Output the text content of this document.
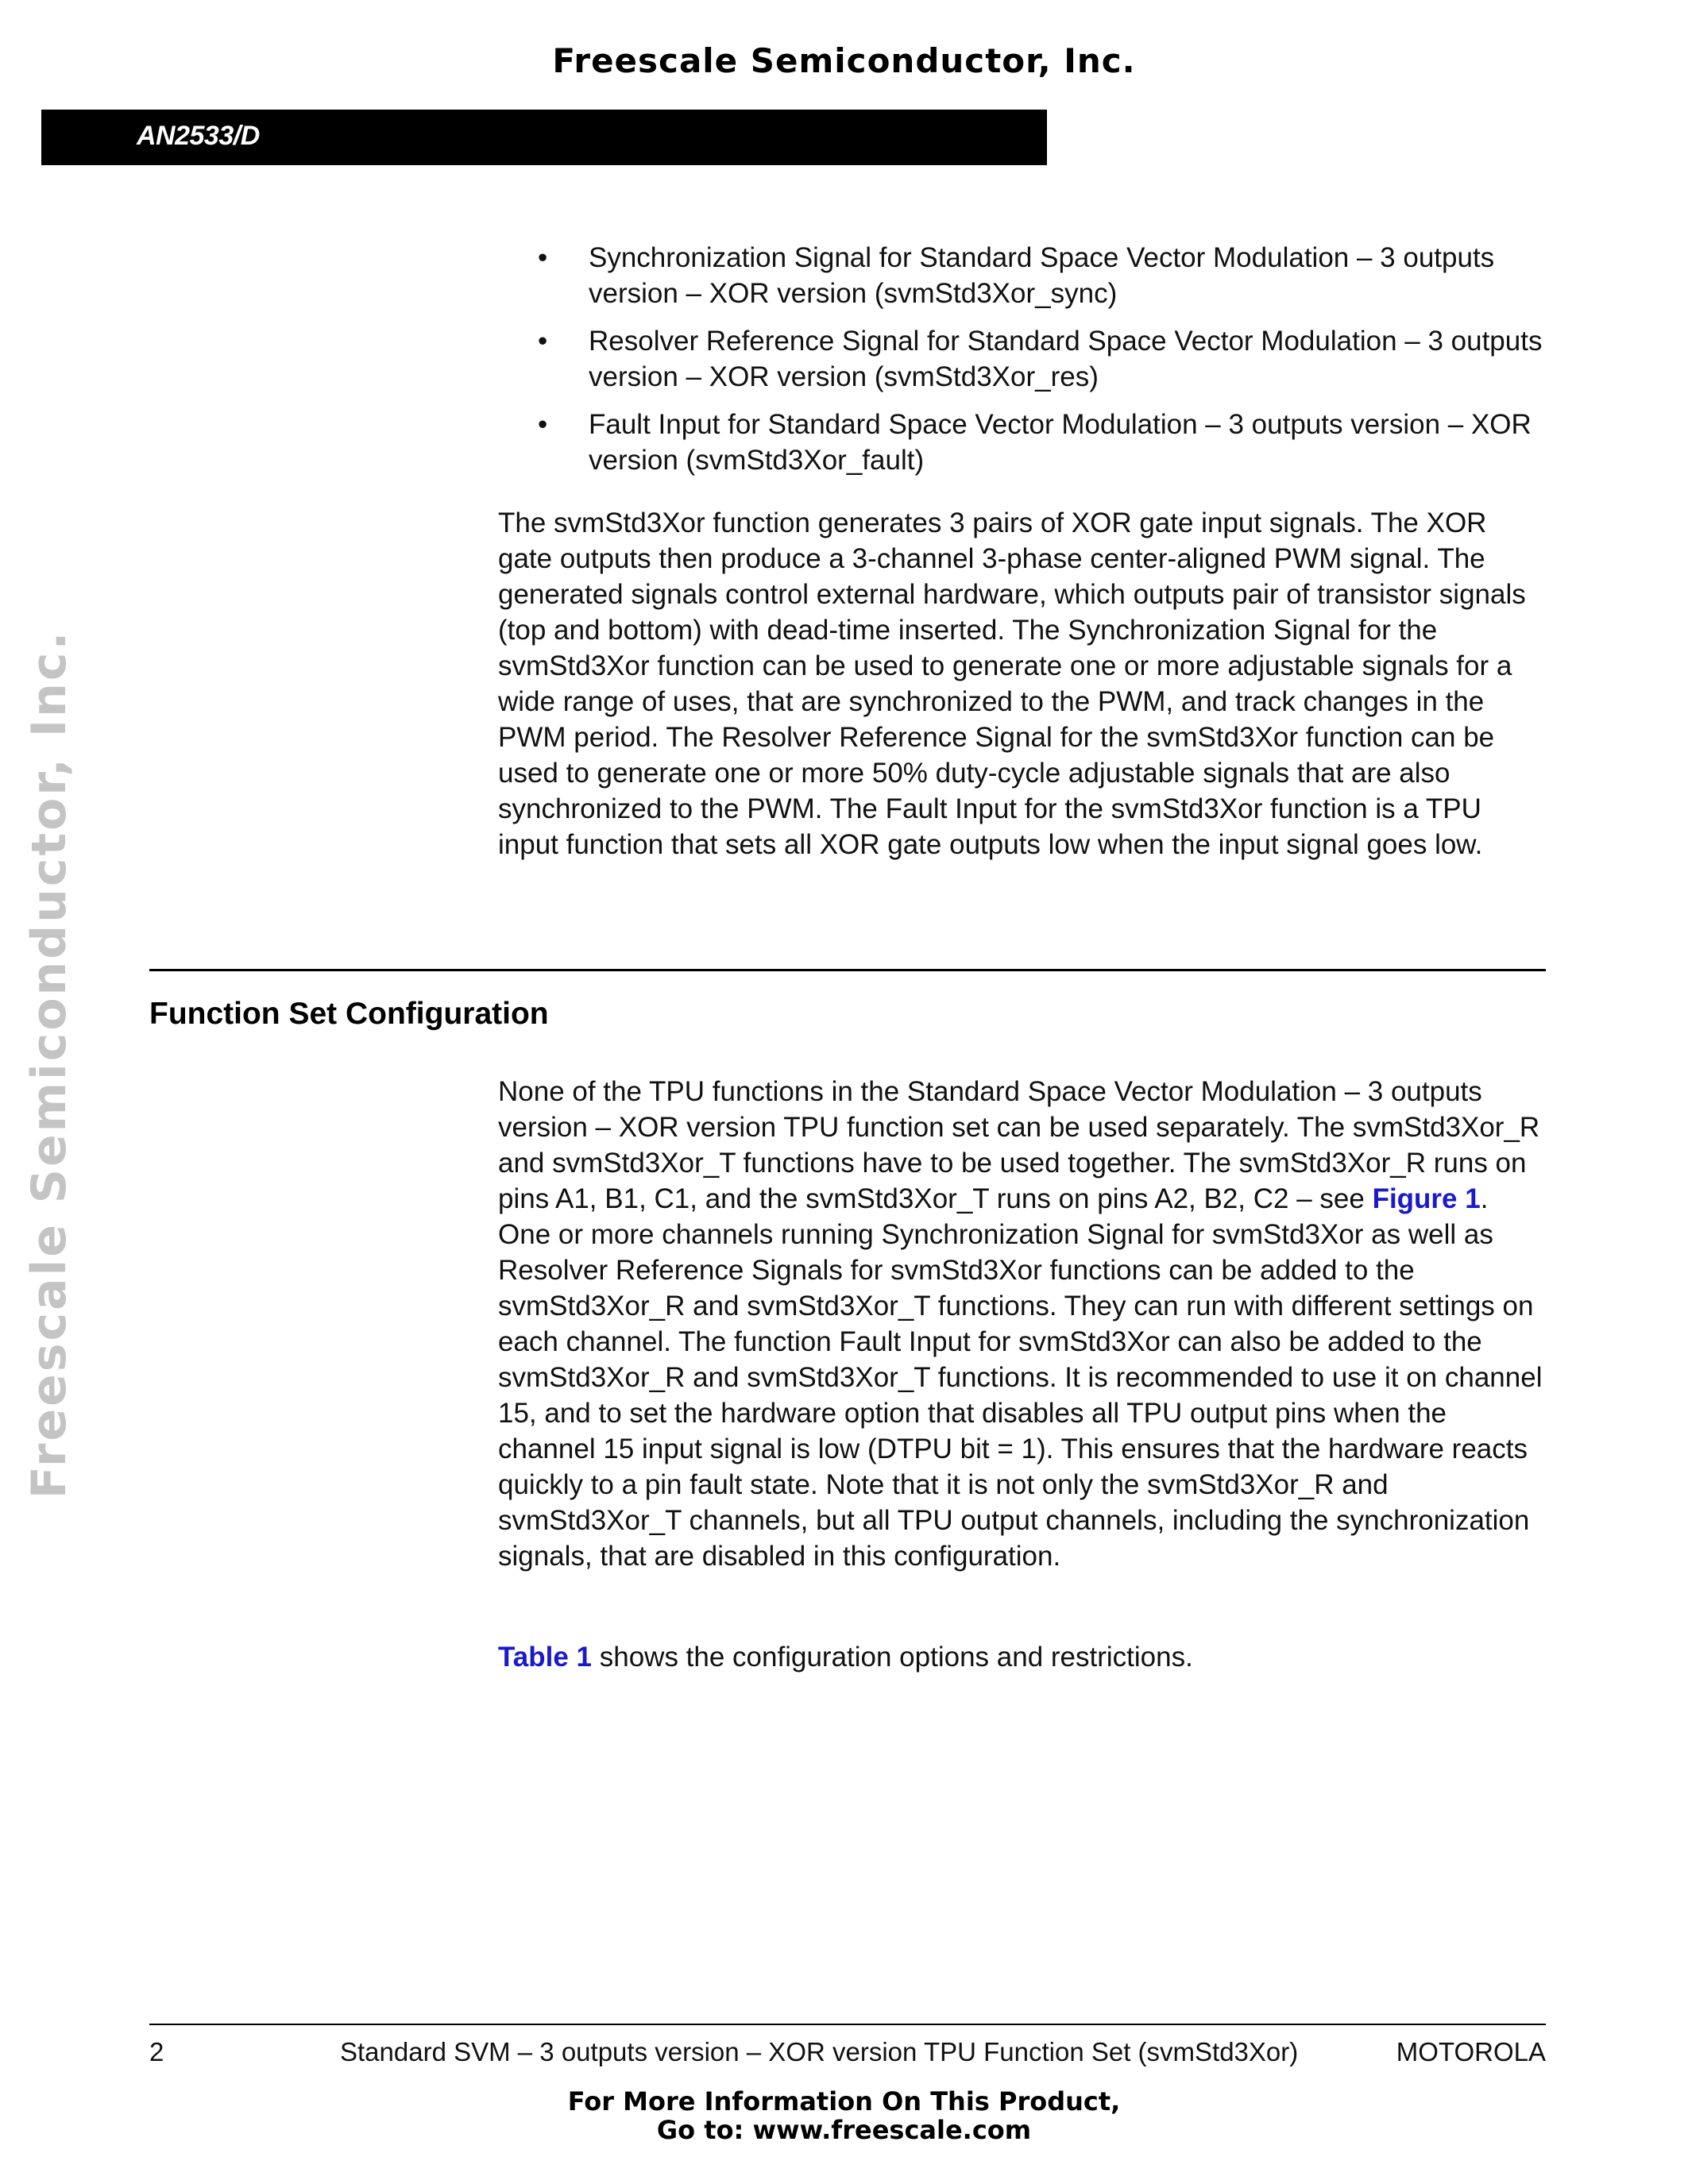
Freescale Semiconductor, Inc.
AN2533/D
Freescale Semiconductor, Inc.
• Synchronization Signal for Standard Space Vector Modulation – 3 outputs version – XOR version (svmStd3Xor_sync)
• Resolver Reference Signal for Standard Space Vector Modulation – 3 outputs version – XOR version (svmStd3Xor_res)
• Fault Input for Standard Space Vector Modulation – 3 outputs version – XOR version (svmStd3Xor_fault)
The svmStd3Xor function generates 3 pairs of XOR gate input signals. The XOR gate outputs then produce a 3-channel 3-phase center-aligned PWM signal. The generated signals control external hardware, which outputs pair of transistor signals (top and bottom) with dead-time inserted. The Synchronization Signal for the svmStd3Xor function can be used to generate one or more adjustable signals for a wide range of uses, that are synchronized to the PWM, and track changes in the PWM period. The Resolver Reference Signal for the svmStd3Xor function can be used to generate one or more 50% duty-cycle adjustable signals that are also synchronized to the PWM. The Fault Input for the svmStd3Xor function is a TPU input function that sets all XOR gate outputs low when the input signal goes low.
Function Set Configuration
None of the TPU functions in the Standard Space Vector Modulation – 3 outputs version – XOR version TPU function set can be used separately. The svmStd3Xor_R and svmStd3Xor_T functions have to be used together. The svmStd3Xor_R runs on pins A1, B1, C1, and the svmStd3Xor_T runs on pins A2, B2, C2 – see Figure 1. One or more channels running Synchronization Signal for svmStd3Xor as well as Resolver Reference Signals for svmStd3Xor functions can be added to the svmStd3Xor_R and svmStd3Xor_T functions. They can run with different settings on each channel. The function Fault Input for svmStd3Xor can also be added to the svmStd3Xor_R and svmStd3Xor_T functions. It is recommended to use it on channel 15, and to set the hardware option that disables all TPU output pins when the channel 15 input signal is low (DTPU bit = 1). This ensures that the hardware reacts quickly to a pin fault state. Note that it is not only the svmStd3Xor_R and svmStd3Xor_T channels, but all TPU output channels, including the synchronization signals, that are disabled in this configuration.
Table 1 shows the configuration options and restrictions.
2	Standard SVM – 3 outputs version – XOR version TPU Function Set (svmStd3Xor)	MOTOROLA
For More Information On This Product,
Go to: www.freescale.com
